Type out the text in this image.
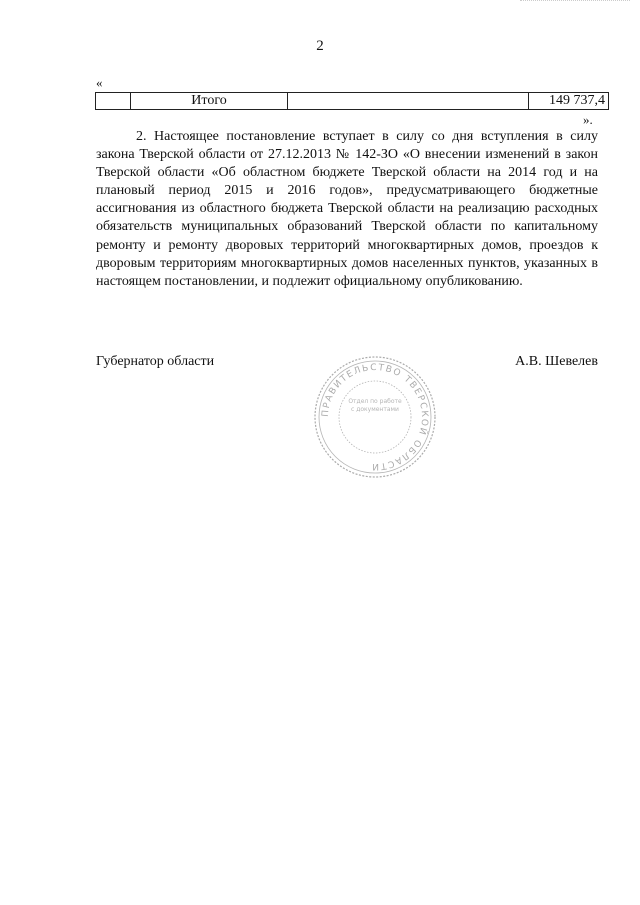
2
«
	Итого		149 737,4
».

2. Настоящее постановление вступает в силу со дня вступления в силу закона Тверской области от 27.12.2013 № 142-ЗО «О внесении изменений в закон Тверской области «Об областном бюджете Тверской области на 2014 год и на плановый период 2015 и 2016 годов», предусматривающего бюджетные ассигнования из областного бюджета Тверской области на реализацию расходных обязательств муниципальных образований Тверской области по капитальному ремонту и ремонту дворовых территорий многоквартирных домов, проездов к дворовым территориям многоквартирных домов населенных пунктов, указанных в настоящем постановлении, и подлежит официальному опубликованию.

Губернатор области	А.В. Шевелев
ПРАВИТЕЛЬСТВО ТВЕРСКОЙ ОБЛАСТИ
Отдел по работе с документами
